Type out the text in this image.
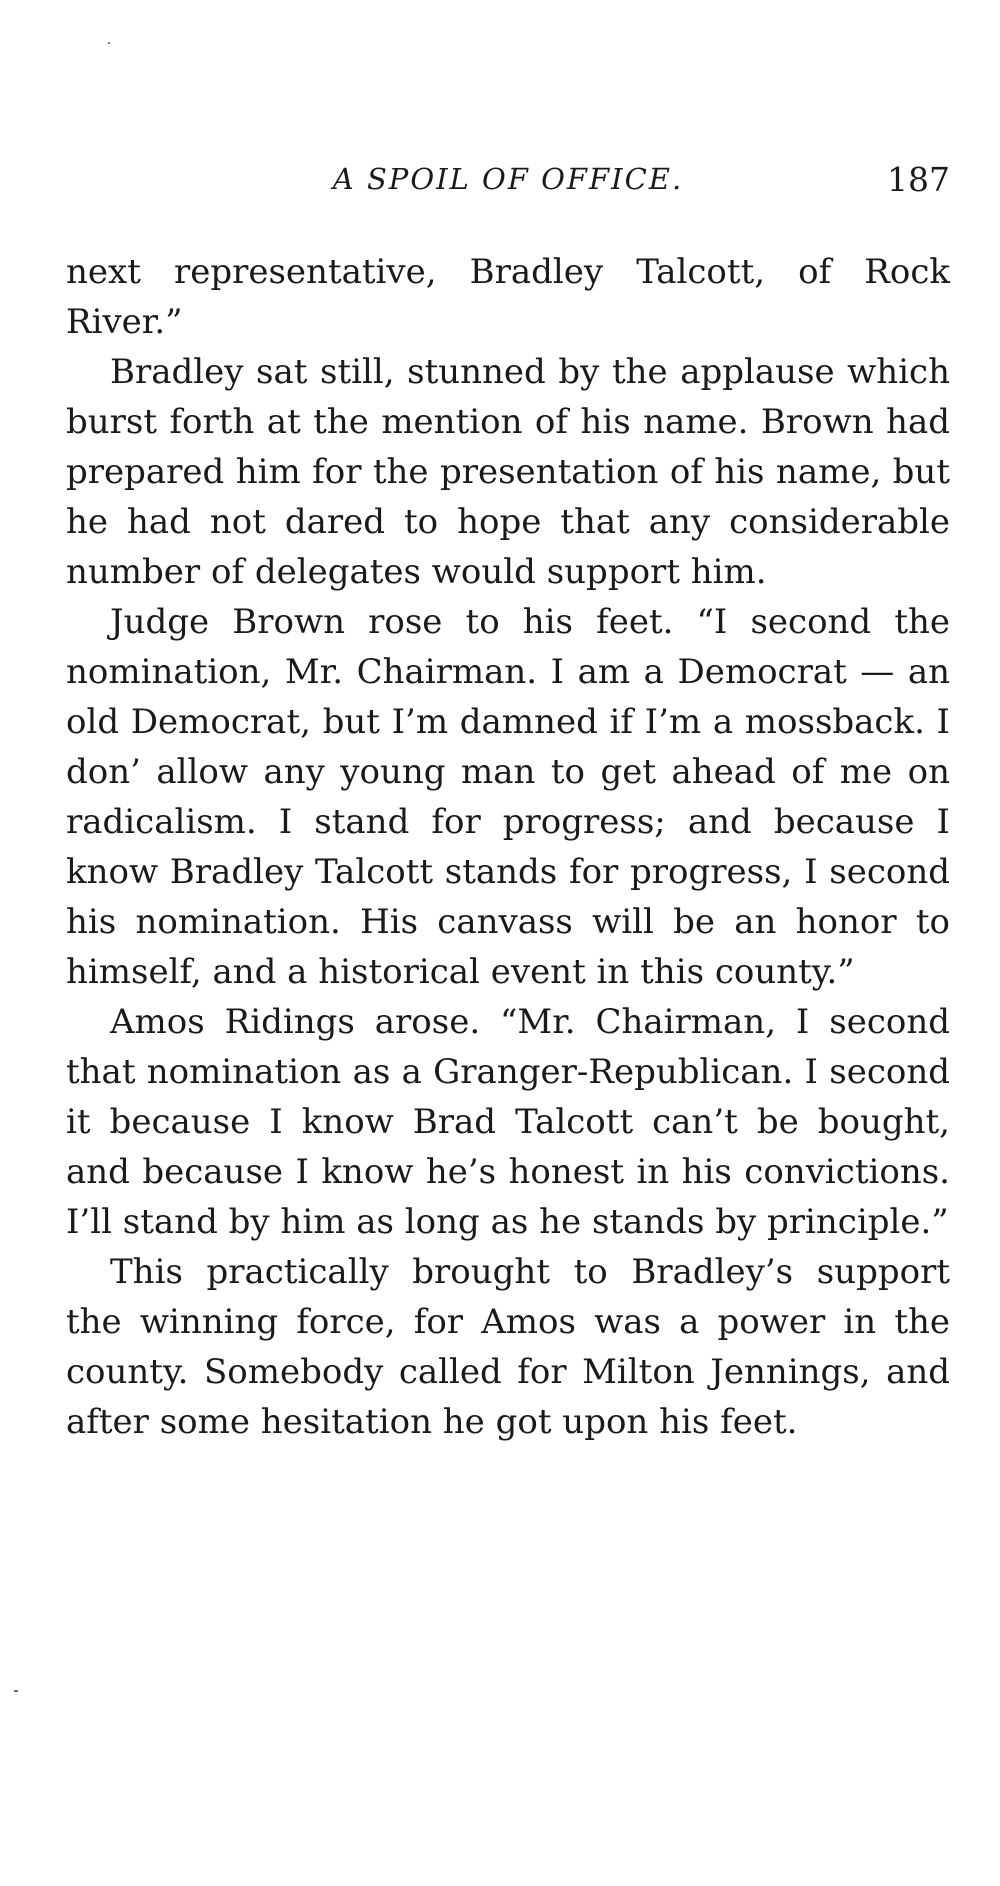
A SPOIL OF OFFICE.	187

next representative, Bradley Talcott, of Rock River.”

Bradley sat still, stunned by the applause which burst forth at the mention of his name. Brown had prepared him for the presentation of his name, but he had not dared to hope that any considerable number of delegates would support him.

Judge Brown rose to his feet. “I second the nomination, Mr. Chairman. I am a Democrat — an old Democrat, but I’m damned if I’m a mossback. I don’ allow any young man to get ahead of me on radicalism. I stand for progress; and because I know Bradley Talcott stands for progress, I second his nomination. His canvass will be an honor to himself, and a historical event in this county.”

Amos Ridings arose. “Mr. Chairman, I second that nomination as a Granger-Republican. I second it because I know Brad Talcott can’t be bought, and because I know he’s honest in his convictions. I’ll stand by him as long as he stands by principle.”

This practically brought to Bradley’s support the winning force, for Amos was a power in the county. Somebody called for Milton Jennings, and after some hesitation he got upon his feet.
